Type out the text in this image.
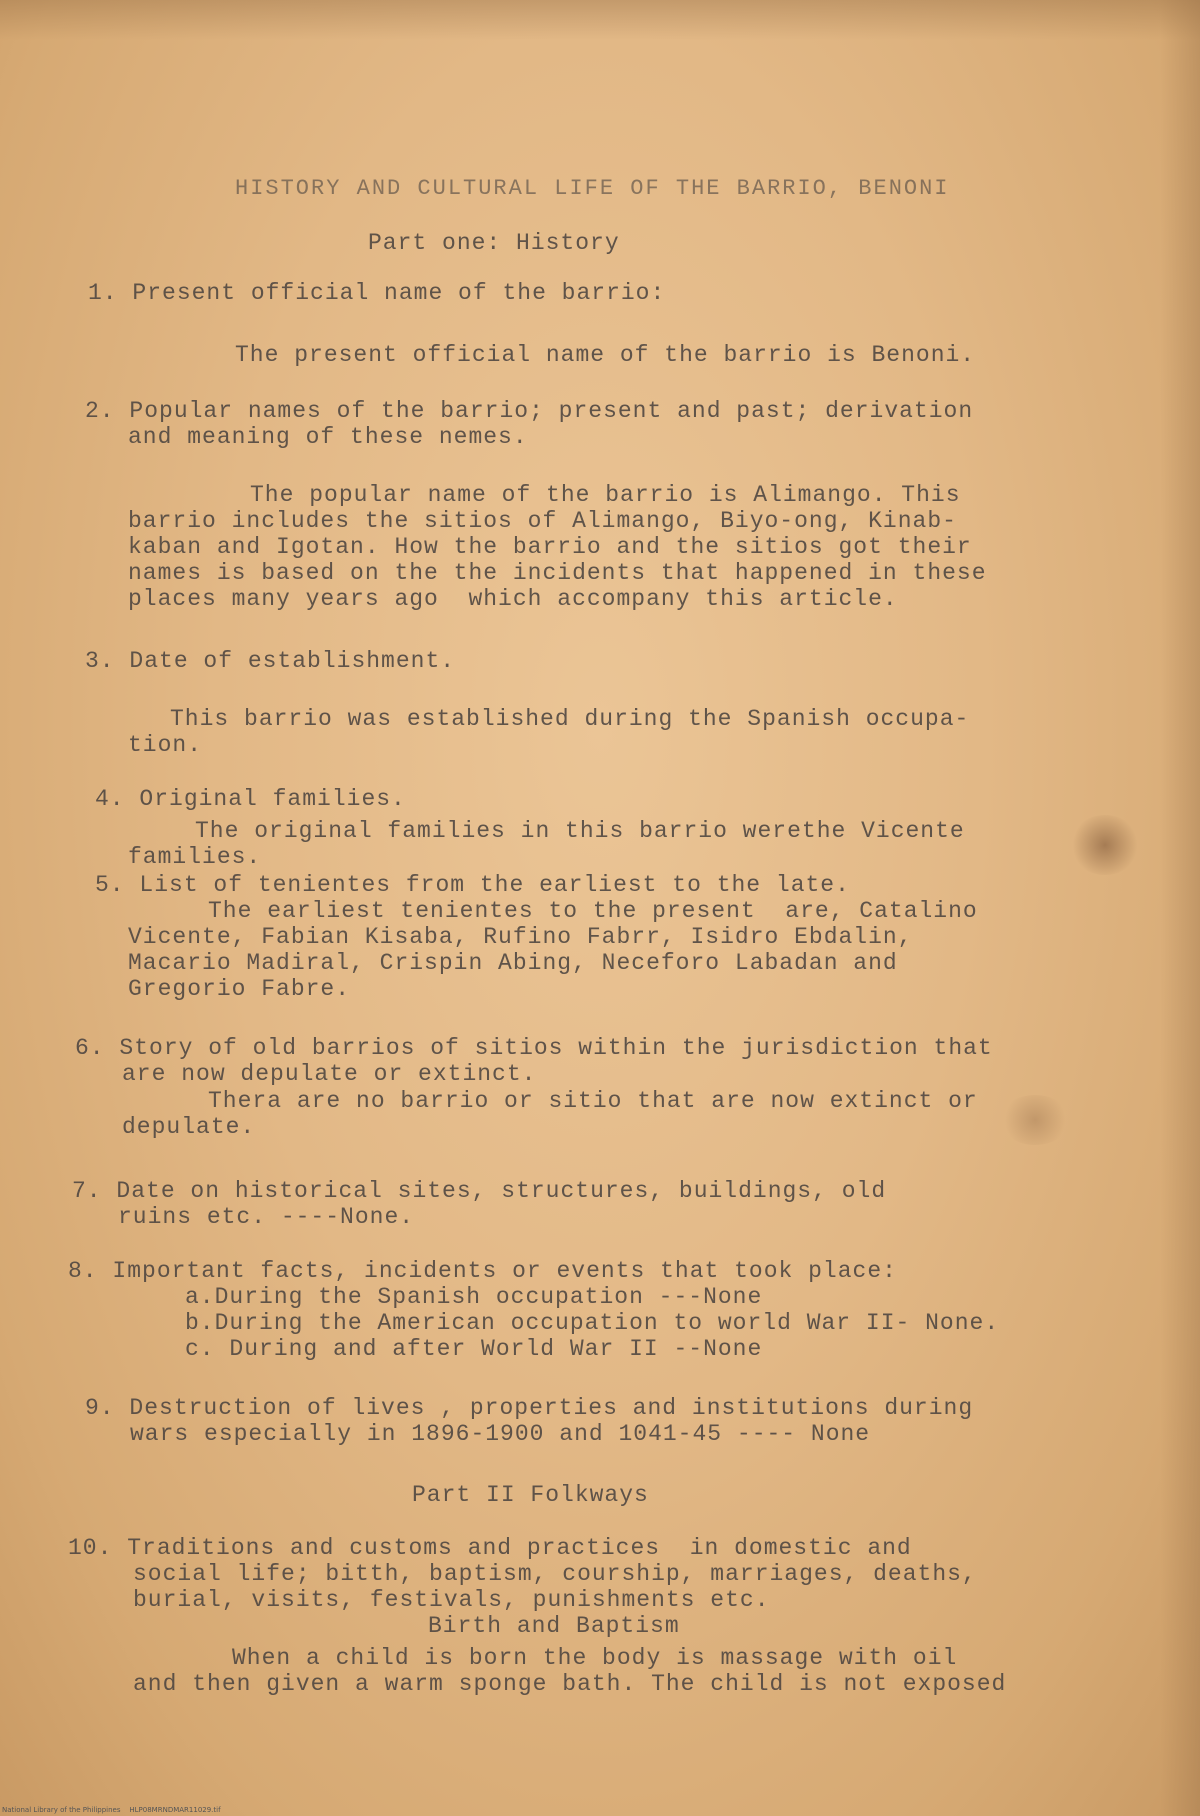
HISTORY AND CULTURAL LIFE OF THE BARRIO, BENONI
Part one: History
1. Present official name of the barrio:
The present official name of the barrio is Benoni.
2. Popular names of the barrio; present and past; derivation
and meaning of these nemes.
The popular name of the barrio is Alimango. This
barrio includes the sitios of Alimango, Biyo-ong, Kinab-
kaban and Igotan. How the barrio and the sitios got their
names is based on the the incidents that happened in these
places many years ago  which accompany this article.
3. Date of establishment.
This barrio was established during the Spanish occupa-
tion.
4. Original families.
The original families in this barrio werethe Vicente
families.
5. List of tenientes from the earliest to the late.
The earliest tenientes to the present  are, Catalino
Vicente, Fabian Kisaba, Rufino Fabrr, Isidro Ebdalin,
Macario Madiral, Crispin Abing, Neceforo Labadan and
Gregorio Fabre.
6. Story of old barrios of sitios within the jurisdiction that
are now depulate or extinct.
Thera are no barrio or sitio that are now extinct or
depulate.
7. Date on historical sites, structures, buildings, old
ruins etc. ----None.
8. Important facts, incidents or events that took place:
a.During the Spanish occupation ---None
b.During the American occupation to world War II- None.
c. During and after World War II --None
9. Destruction of lives , properties and institutions during
wars especially in 1896-1900 and 1041-45 ---- None
Part II Folkways
10. Traditions and customs and practices  in domestic and
social life; bitth, baptism, courship, marriages, deaths,
burial, visits, festivals, punishments etc.
Birth and Baptism
When a child is born the body is massage with oil
and then given a warm sponge bath. The child is not exposed
National Library of the Philippines    HLP08MRNDMAR11029.tif
